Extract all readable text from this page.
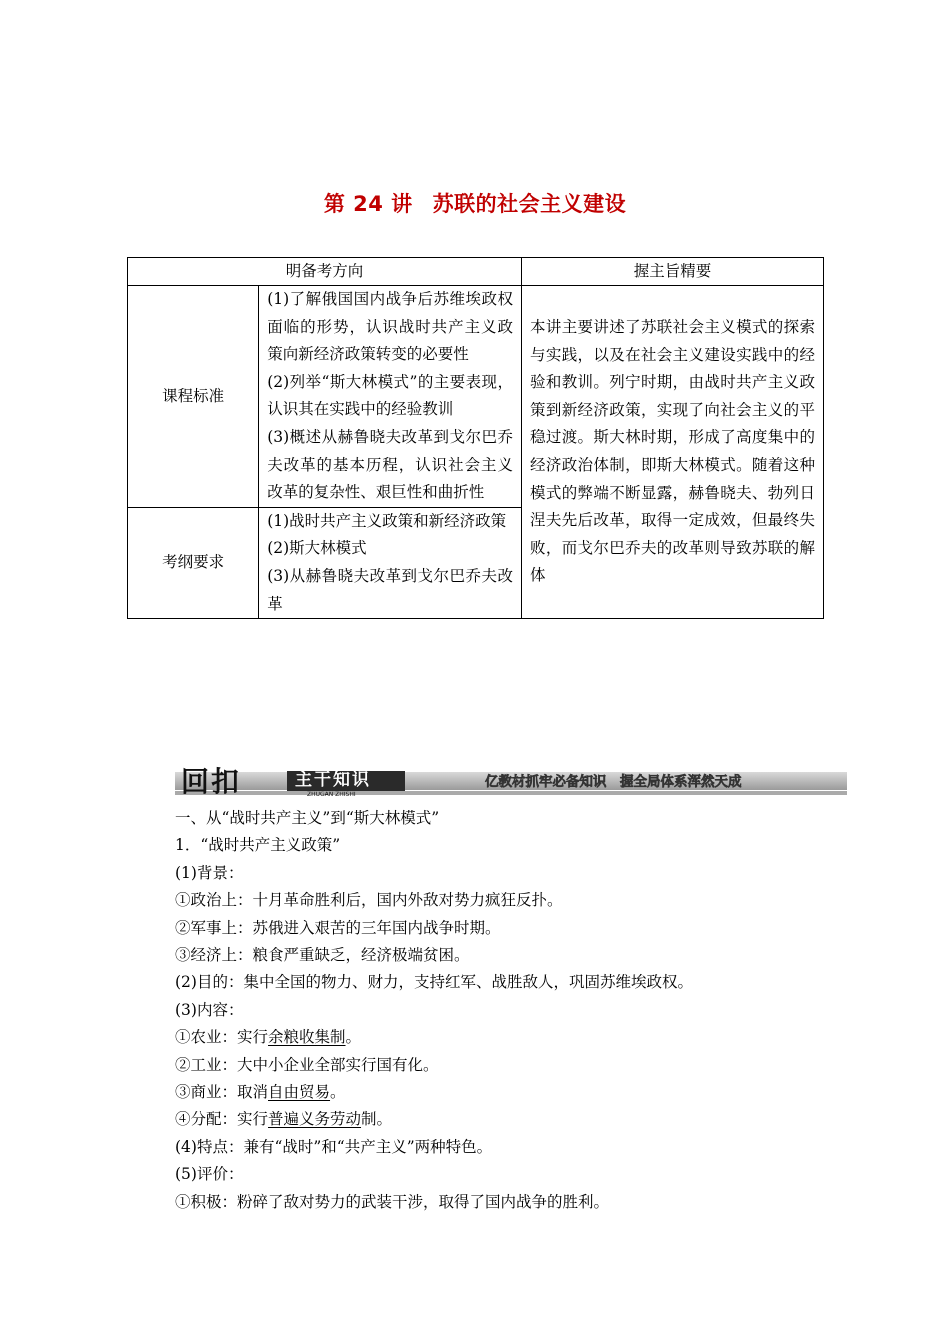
第 24 讲 苏联的社会主义建设
明备考方向		握主旨精要
课程标准	(1)了解俄国国内战争后苏维埃政权面临的形势，认识战时共产主义政策向新经济政策转变的必要性
(2)列举“斯大林模式”的主要表现，认识其在实践中的经验教训
(3)概述从赫鲁晓夫改革到戈尔巴乔夫改革的基本历程，认识社会主义改革的复杂性、艰巨性和曲折性	本讲主要讲述了苏联社会主义模式的探索与实践，以及在社会主义建设实践中的经验和教训。列宁时期，由战时共产主义政策到新经济政策，实现了向社会主义的平稳过渡。斯大林时期，形成了高度集中的经济政治体制，即斯大林模式。随着这种模式的弊端不断显露，赫鲁晓夫、勃列日涅夫先后改革，取得一定成效，但最终失败，而戈尔巴乔夫的改革则导致苏联的解体
考纲要求	(1)战时共产主义政策和新经济政策
(2)斯大林模式
(3)从赫鲁晓夫改革到戈尔巴乔夫改革	
回扣	主干知识
ZHUGAN ZHISHI
亿教材抓牢必备知识　握全局体系浑然天成

一、从“战时共产主义”到“斯大林模式”

1．“战时共产主义政策”

(1)背景：

①政治上：十月革命胜利后，国内外敌对势力疯狂反扑。

②军事上：苏俄进入艰苦的三年国内战争时期。

③经济上：粮食严重缺乏，经济极端贫困。

(2)目的：集中全国的物力、财力，支持红军、战胜敌人，巩固苏维埃政权。

(3)内容：

①农业：实行余粮收集制。

②工业：大中小企业全部实行国有化。

③商业：取消自由贸易。

④分配：实行普遍义务劳动制。

(4)特点：兼有“战时”和“共产主义”两种特色。

(5)评价：

①积极：粉碎了敌对势力的武装干涉，取得了国内战争的胜利。
